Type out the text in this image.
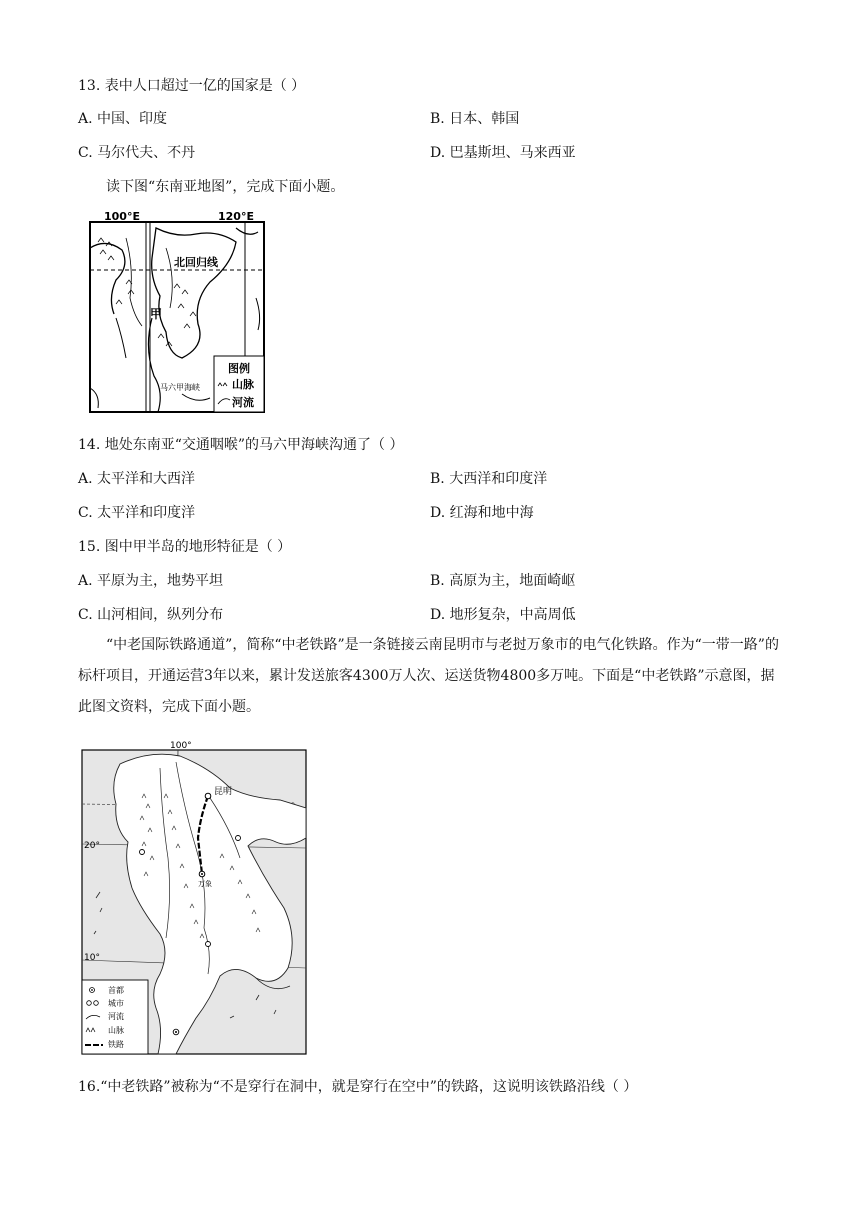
13. 表中人口超过一亿的国家是（ ）
A. 中国、印度	B. 日本、韩国
C. 马尔代夫、不丹	D. 巴基斯坦、马来西亚
读下图“东南亚地图”，完成下面小题。
100°E	120°E
北回归线
甲
马六甲海峡
图例
山脉
河流
14. 地处东南亚“交通咽喉”的马六甲海峡沟通了（ ）
A. 太平洋和大西洋	B. 大西洋和印度洋
C. 太平洋和印度洋	D. 红海和地中海
15. 图中甲半岛的地形特征是（ ）
A. 平原为主，地势平坦	B. 高原为主，地面崎岖
C. 山河相间，纵列分布	D. 地形复杂，中高周低
“中老国际铁路通道”，简称“中老铁路”是一条链接云南昆明市与老挝万象市的电气化铁路。作为“一带一路”的标杆项目，开通运营3年以来，累计发送旅客4300万人次、运送货物4800多万吨。下面是“中老铁路”示意图，据此图文资料，完成下面小题。
100°
20°
10°
昆明
万象
首都
城市
河流
山脉
铁路
16.“中老铁路”被称为“不是穿行在洞中，就是穿行在空中”的铁路，这说明该铁路沿线（ ）
